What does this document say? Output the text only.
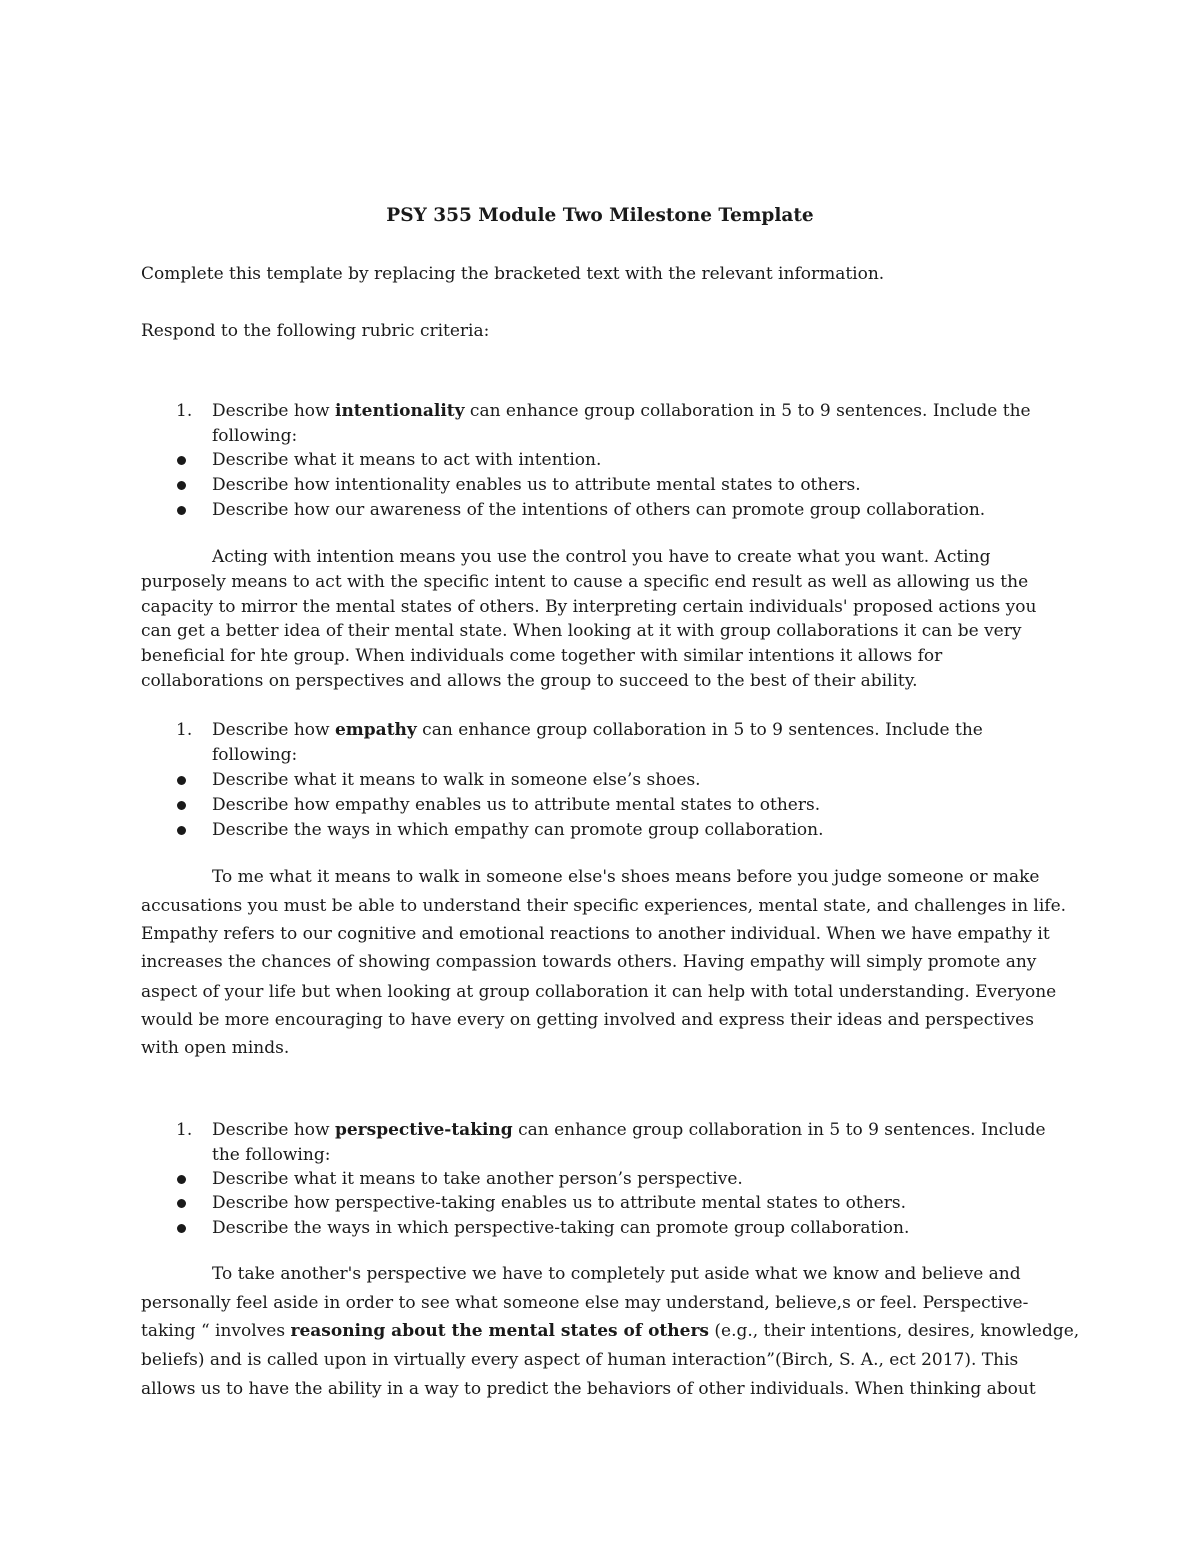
PSY 355 Module Two Milestone Template

Complete this template by replacing the bracketed text with the relevant information.

Respond to the following rubric criteria:

1. Describe how intentionality can enhance group collaboration in 5 to 9 sentences. Include the following:
Describe what it means to act with intention.
Describe how intentionality enables us to attribute mental states to others.
Describe how our awareness of the intentions of others can promote group collaboration.
Acting with intention means you use the control you have to create what you want. Acting
purposely means to act with the specific intent to cause a specific end result as well as allowing us the
capacity to mirror the mental states of others. By interpreting certain individuals' proposed actions you
can get a better idea of their mental state. When looking at it with group collaborations it can be very
beneficial for hte group. When individuals come together with similar intentions it allows for
collaborations on perspectives and allows the group to succeed to the best of their ability.
1. Describe how empathy can enhance group collaboration in 5 to 9 sentences. Include the following:
Describe what it means to walk in someone else’s shoes.
Describe how empathy enables us to attribute mental states to others.
Describe the ways in which empathy can promote group collaboration.
To me what it means to walk in someone else's shoes means before you judge someone or make
accusations you must be able to understand their specific experiences, mental state, and challenges in life.
Empathy refers to our cognitive and emotional reactions to another individual. When we have empathy it
increases the chances of showing compassion towards others. Having empathy will simply promote any
aspect of your life but when looking at group collaboration it can help with total understanding. Everyone
would be more encouraging to have every on getting involved and express their ideas and perspectives
with open minds.
1. Describe how perspective-taking can enhance group collaboration in 5 to 9 sentences. Include the following:
Describe what it means to take another person’s perspective.
Describe how perspective-taking enables us to attribute mental states to others.
Describe the ways in which perspective-taking can promote group collaboration.
To take another's perspective we have to completely put aside what we know and believe and
personally feel aside in order to see what someone else may understand, believe,s or feel. Perspective-
taking “ involves reasoning about the mental states of others (e.g., their intentions, desires, knowledge,
beliefs) and is called upon in virtually every aspect of human interaction”(Birch, S. A., ect 2017). This
allows us to have the ability in a way to predict the behaviors of other individuals. When thinking about
